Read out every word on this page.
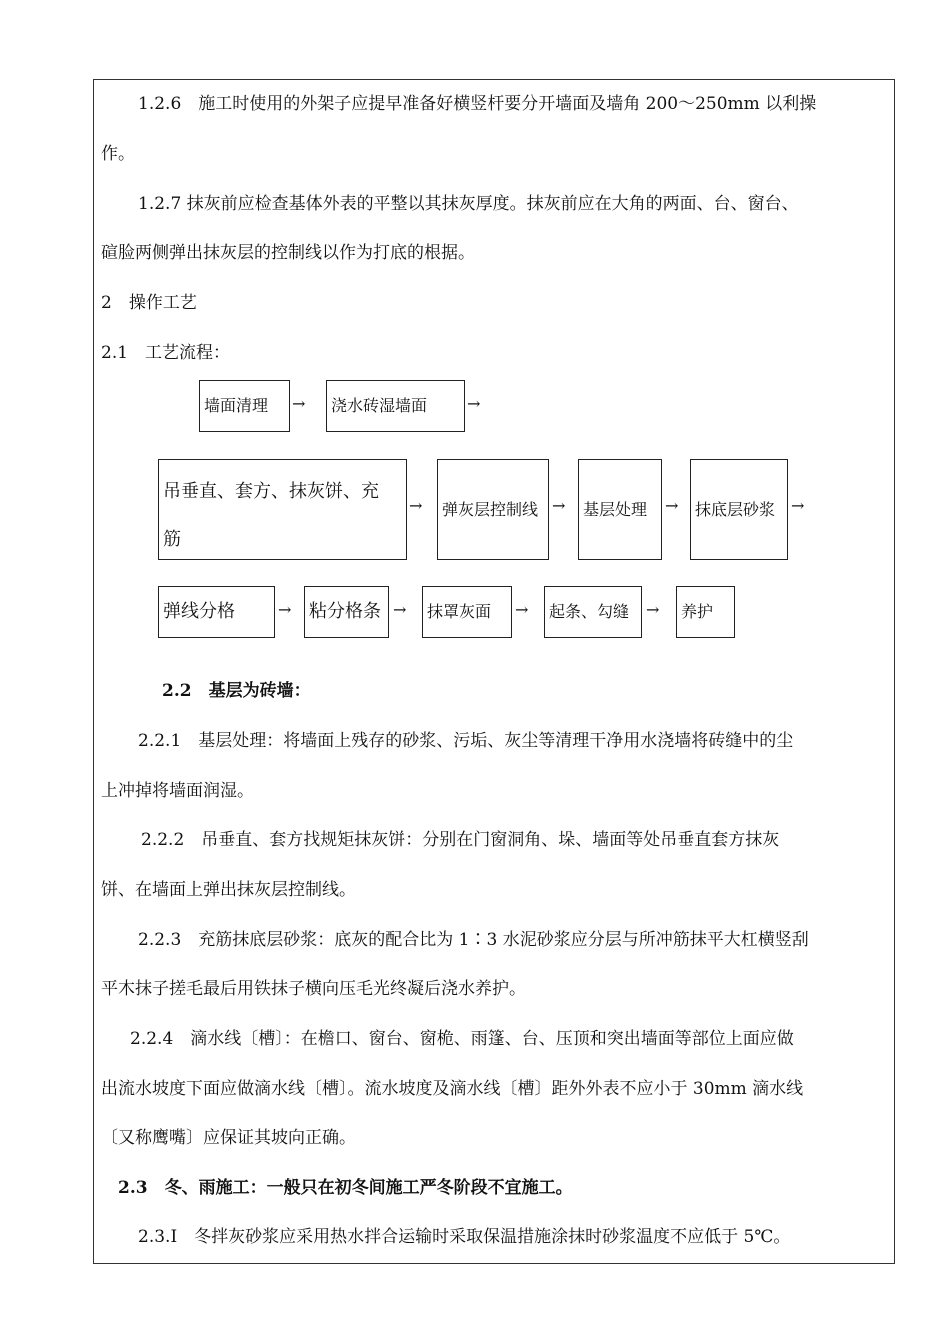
1.2.6　施工时使用的外架子应提早准备好横竖杆要分开墙面及墙角 200～250mm 以利操
作。
1.2.7 抹灰前应检查基体外表的平整以其抹灰厚度。抹灰前应在大角的两面、台、窗台、
碹脸两侧弹出抹灰层的控制线以作为打底的根据。
2　操作工艺
2.1　工艺流程：
墙面清理 → 浇水砖湿墙面 →
吊垂直、套方、抹灰饼、充
筋
→ 弹灰层控制线 → 基层处理 → 抹底层砂浆 →
弹线分格	→ 粘分格条 → 抹罩灰面 → 起条、勾缝 → 养护
2.2　基层为砖墙：
2.2.1　基层处理：将墙面上残存的砂浆、污垢、灰尘等清理干净用水浇墙将砖缝中的尘
上冲掉将墙面润湿。
2.2.2　吊垂直、套方找规矩抹灰饼：分别在门窗洞角、垛、墙面等处吊垂直套方抹灰
饼、在墙面上弹出抹灰层控制线。
2.2.3　充筋抹底层砂浆：底灰的配合比为 1∶3 水泥砂浆应分层与所冲筋抹平大杠横竖刮
平木抹子搓毛最后用铁抹子横向压毛光终凝后浇水养护。
2.2.4　滴水线〔槽〕：在檐口、窗台、窗桅、雨篷、台、压顶和突出墙面等部位上面应做
出流水坡度下面应做滴水线〔槽〕。流水坡度及滴水线〔槽〕距外外表不应小于 30mm 滴水线
〔又称鹰嘴〕应保证其坡向正确。
2.3　冬、雨施工：一般只在初冬间施工严冬阶段不宜施工。
2.3.Ⅰ　冬拌灰砂浆应采用热水拌合运输时采取保温措施涂抹时砂浆温度不应低于 5℃。
